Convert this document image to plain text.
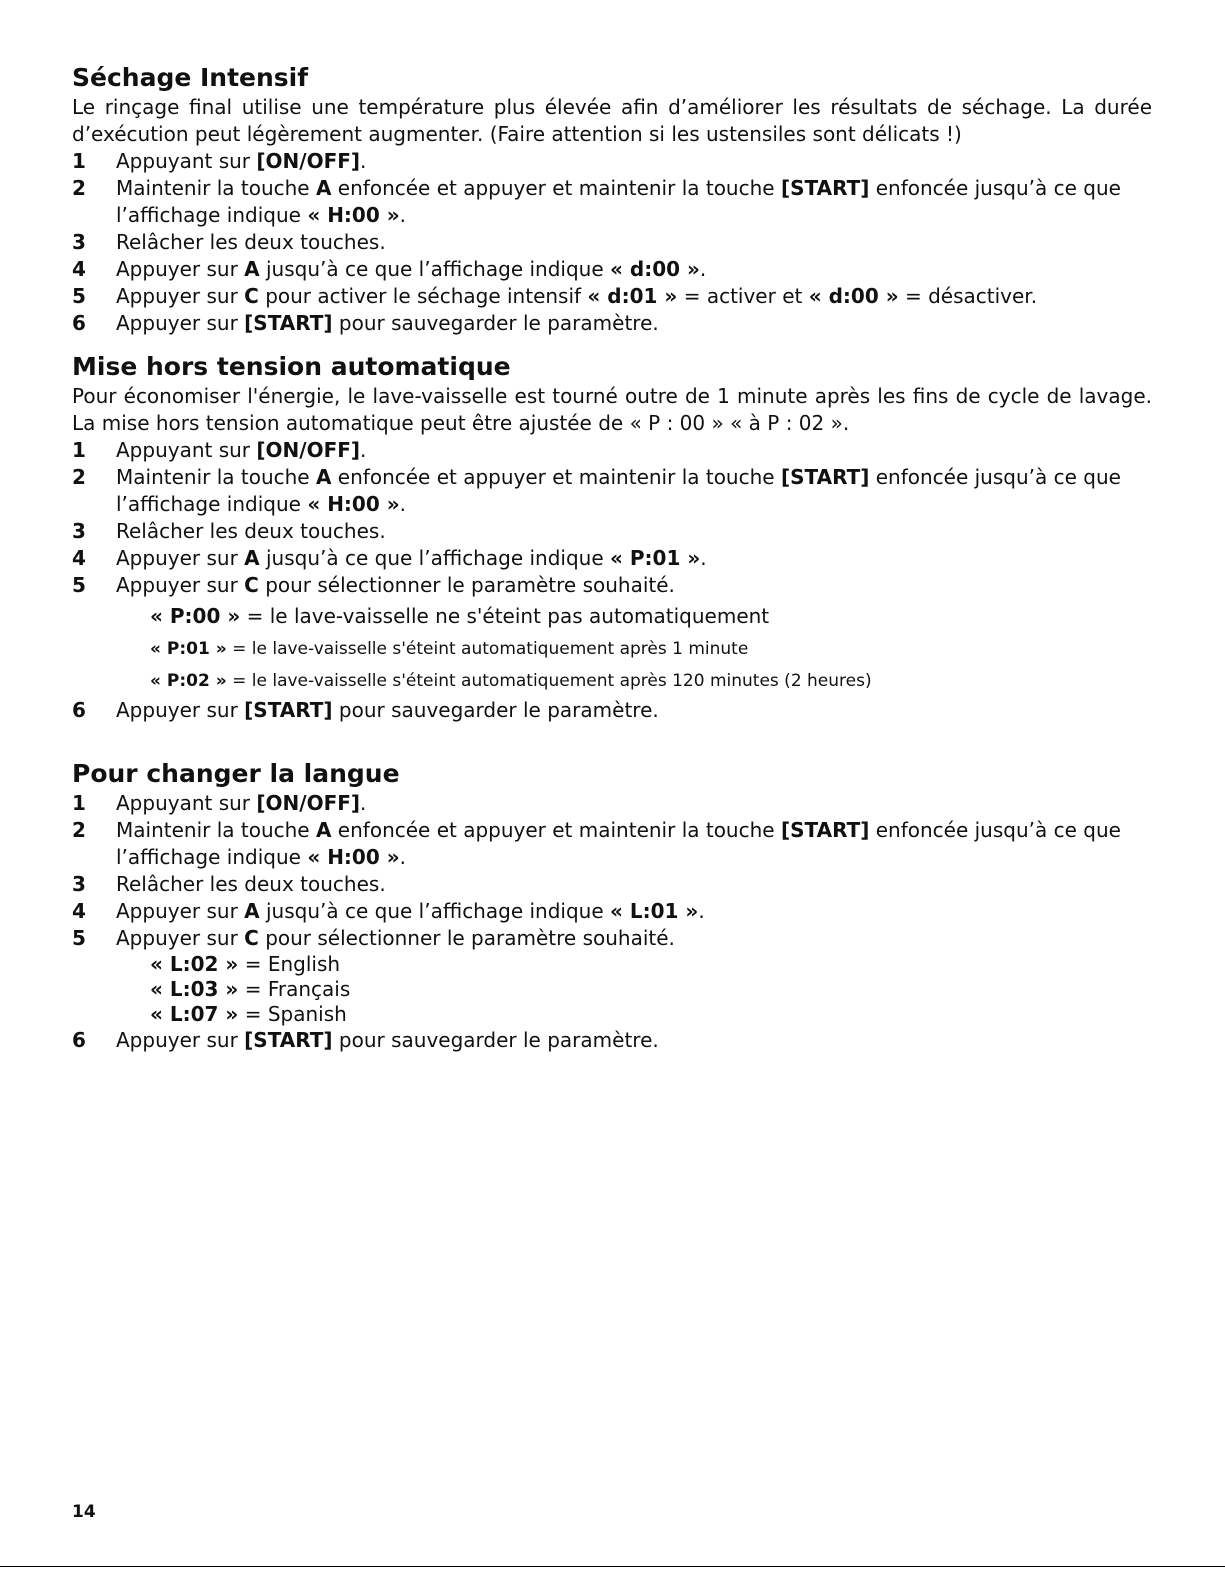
Séchage Intensif

Le rinçage final utilise une température plus élevée afin d’améliorer les résultats de séchage. La durée d’exécution peut légèrement augmenter. (Faire attention si les ustensiles sont délicats !)

1	Appuyant sur [ON/OFF].
2	Maintenir la touche A enfoncée et appuyer et maintenir la touche [START] enfoncée jusqu’à ce que l’affichage indique « H:00 ».
3	Relâcher les deux touches.
4	Appuyer sur A jusqu’à ce que l’affichage indique « d:00 ».
5	Appuyer sur C pour activer le séchage intensif « d:01 » = activer et « d:00 » = désactiver.
6	Appuyer sur [START] pour sauvegarder le paramètre.
Mise hors tension automatique

Pour économiser l'énergie, le lave-vaisselle est tourné outre de 1 minute après les fins de cycle de lavage. La mise hors tension automatique peut être ajustée de « P : 00 » « à P : 02 ».

1	Appuyant sur [ON/OFF].
2	Maintenir la touche A enfoncée et appuyer et maintenir la touche [START] enfoncée jusqu’à ce que l’affichage indique « H:00 ».
3	Relâcher les deux touches.
4	Appuyer sur A jusqu’à ce que l’affichage indique « P:01 ».
5	Appuyer sur C pour sélectionner le paramètre souhaité.
« P:00 » = le lave-vaisselle ne s'éteint pas automatiquement
« P:01 » = le lave-vaisselle s'éteint automatiquement après 1 minute
« P:02 » = le lave-vaisselle s'éteint automatiquement après 120 minutes (2 heures)
6	Appuyer sur [START] pour sauvegarder le paramètre.
Pour changer la langue
1	Appuyant sur [ON/OFF].
2	Maintenir la touche A enfoncée et appuyer et maintenir la touche [START] enfoncée jusqu’à ce que l’affichage indique « H:00 ».
3	Relâcher les deux touches.
4	Appuyer sur A jusqu’à ce que l’affichage indique « L:01 ».
5	Appuyer sur C pour sélectionner le paramètre souhaité.
« L:02 » = English
« L:03 » = Français
« L:07 » = Spanish
6	Appuyer sur [START] pour sauvegarder le paramètre.
14
